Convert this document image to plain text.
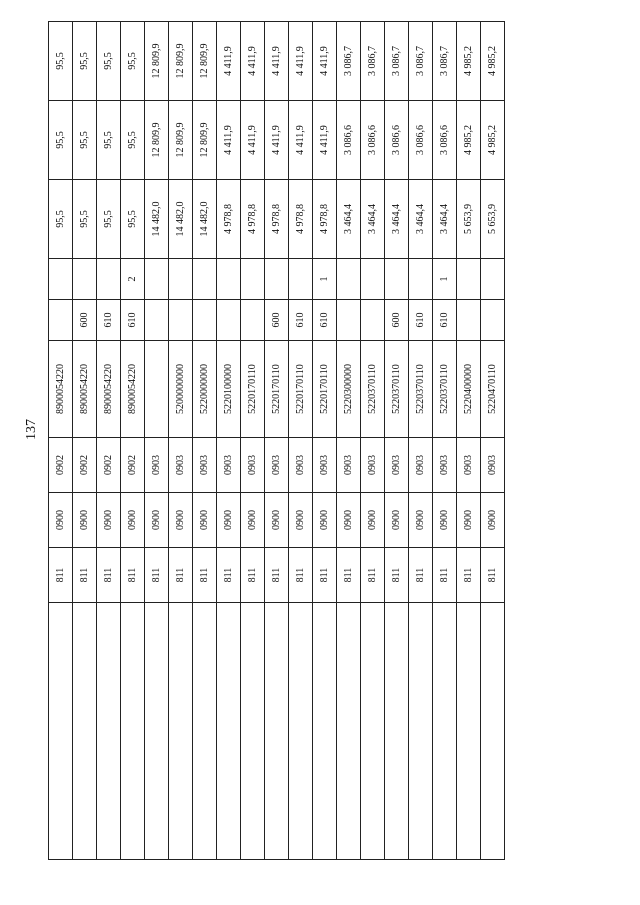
137
	811	0900	0902	8900054220			95,5	95,5	95,5
	811	0900	0902	8900054220	600		95,5	95,5	95,5
	811	0900	0902	8900054220	610		95,5	95,5	95,5
	811	0900	0902	8900054220	610	2	95,5	95,5	95,5
	811	0900	0903				14 482,0	12 809,9	12 809,9
	811	0900	0903	5200000000			14 482,0	12 809,9	12 809,9
	811	0900	0903	5220000000			14 482,0	12 809,9	12 809,9
	811	0900	0903	5220100000			4 978,8	4 411,9	4 411,9
	811	0900	0903	5220170110			4 978,8	4 411,9	4 411,9
	811	0900	0903	5220170110	600		4 978,8	4 411,9	4 411,9
	811	0900	0903	5220170110	610		4 978,8	4 411,9	4 411,9
	811	0900	0903	5220170110	610	1	4 978,8	4 411,9	4 411,9
	811	0900	0903	5220300000			3 464,4	3 086,6	3 086,7
	811	0900	0903	5220370110			3 464,4	3 086,6	3 086,7
	811	0900	0903	5220370110	600		3 464,4	3 086,6	3 086,7
	811	0900	0903	5220370110	610		3 464,4	3 086,6	3 086,7
	811	0900	0903	5220370110	610	1	3 464,4	3 086,6	3 086,7
	811	0900	0903	5220400000			5 653,9	4 985,2	4 985,2
	811	0900	0903	5220470110			5 653,9	4 985,2	4 985,2
